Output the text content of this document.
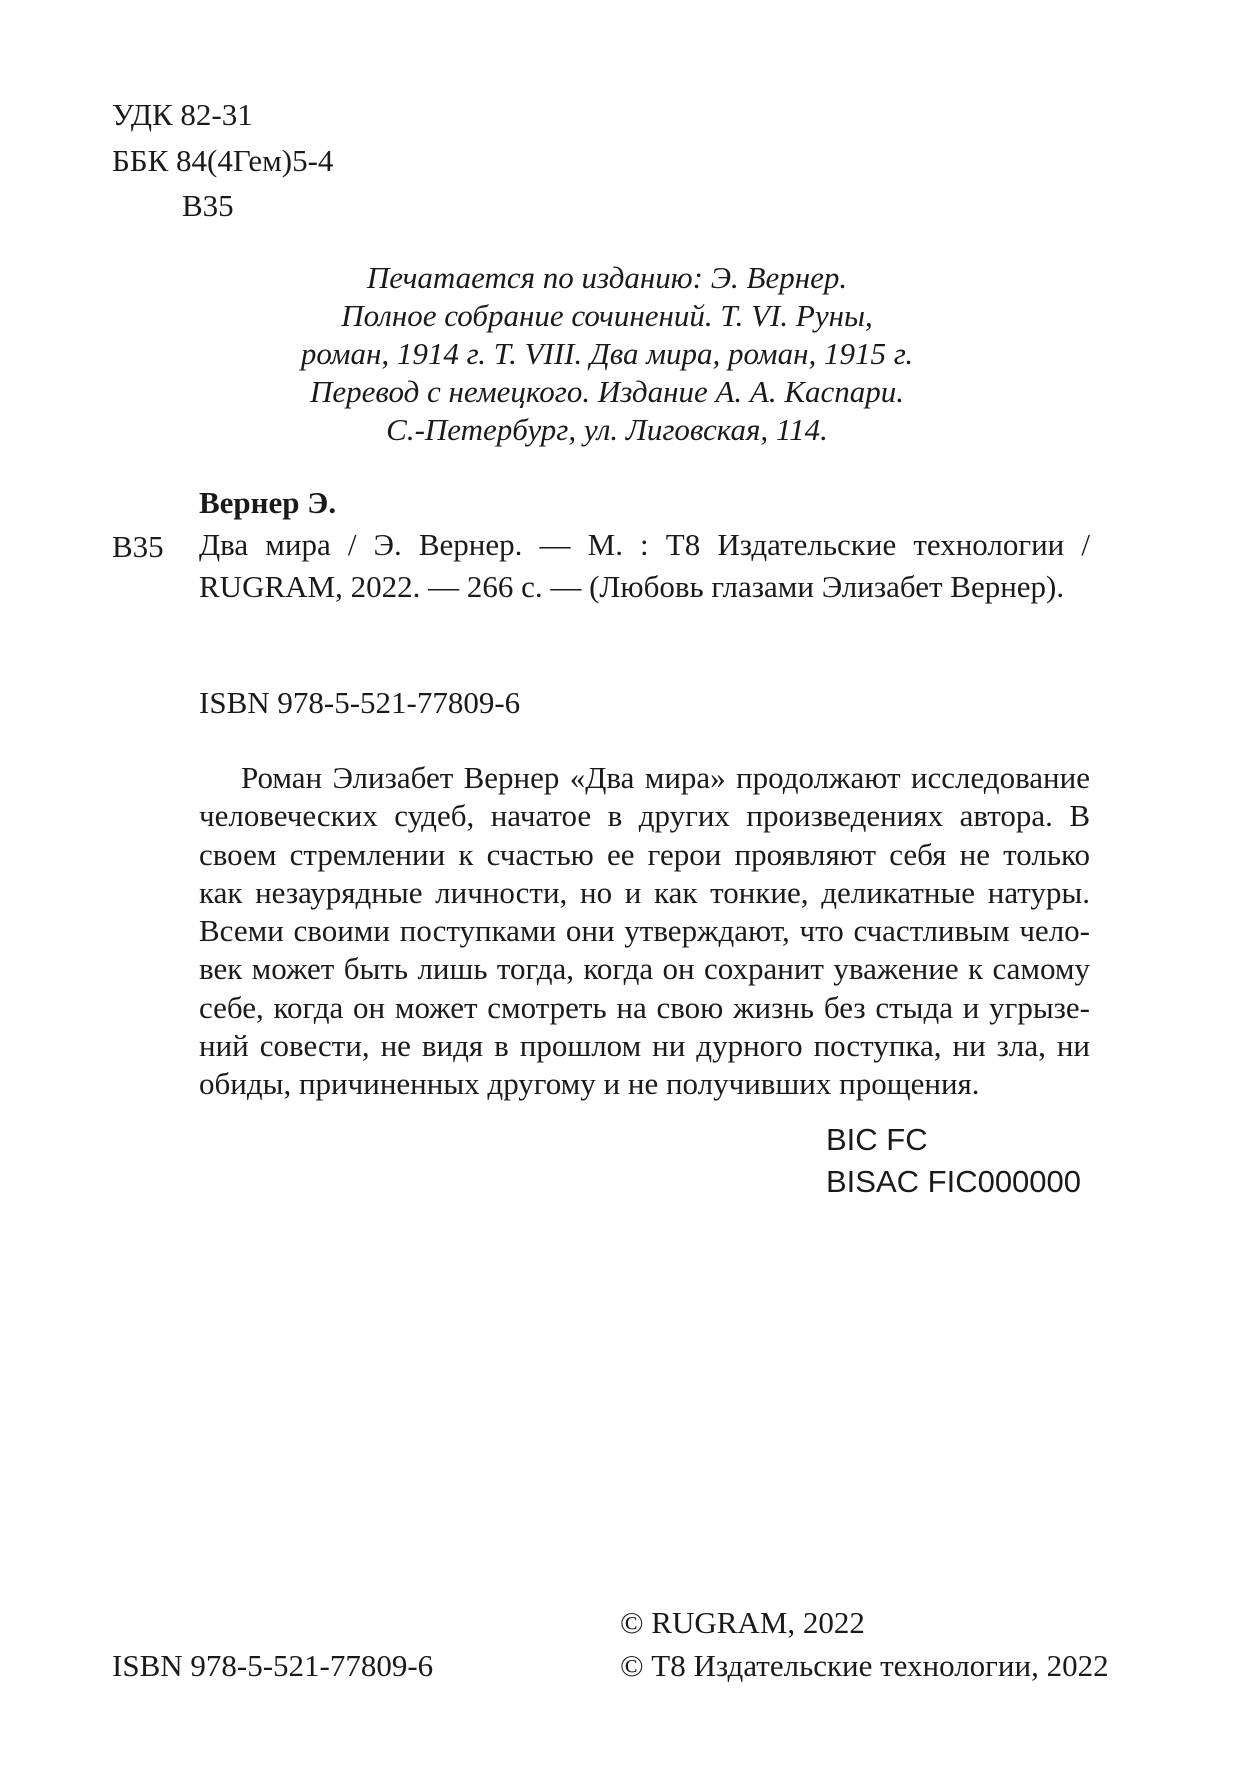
УДК 82-31
ББК 84(4Гем)5-4
В35
Печатается по изданию: Э. Вернер.
Полное собрание сочинений. Т. VI. Руны,
роман, 1914 г. Т. VIII. Два мира, роман, 1915 г.
Перевод с немецкого. Издание А. А. Каспари.
С.-Петербург, ул. Лиговская, 114.
Вернер Э.
В35 Два мира / Э. Вернер. — М. : Т8 Издательские технологии / RUGRAM, 2022. — 266 с. — (Любовь глазами Элизабет Вернер).
ISBN 978-5-521-77809-6
Роман Элизабет Вернер «Два мира» продолжают исследование человеческих судеб, начатое в других произведениях автора. В своем стремлении к счастью ее герои проявляют себя не только как незаурядные личности, но и как тонкие, деликатные натуры. Всеми своими поступками они утверждают, что счастливым человек может быть лишь тогда, когда он сохранит уважение к самому себе, когда он может смотреть на свою жизнь без стыда и угрызений совести, не видя в прошлом ни дурного поступка, ни зла, ни обиды, причиненных другому и не получивших прощения.
BIC FC
BISAC FIC000000
ISBN 978-5-521-77809-6
© RUGRAM, 2022
© Т8 Издательские технологии, 2022
